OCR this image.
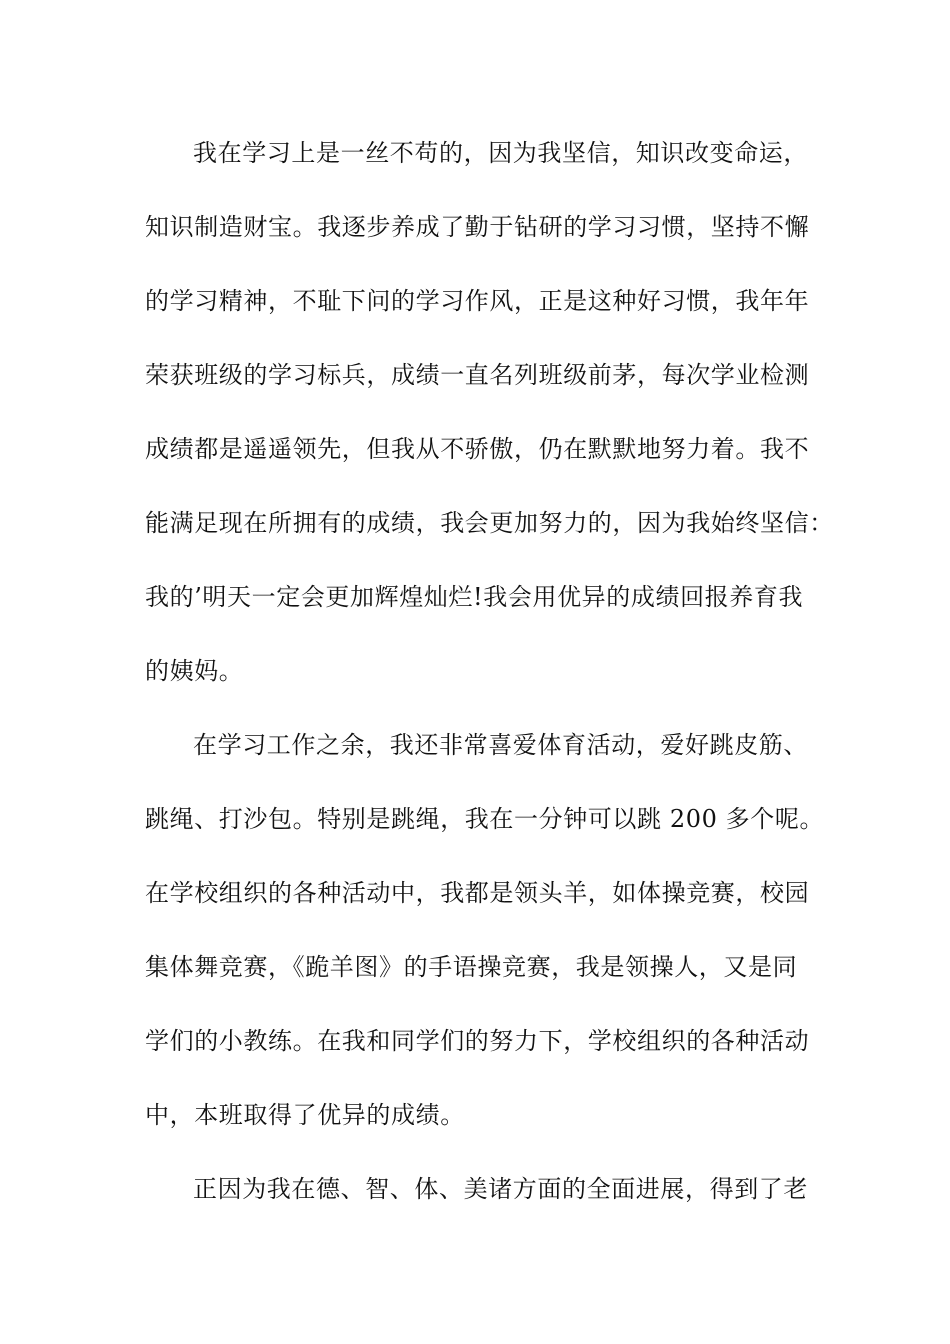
我在学习上是一丝不苟的，因为我坚信，知识改变命运，
知识制造财宝。我逐步养成了勤于钻研的学习习惯，坚持不懈
的学习精神，不耻下问的学习作风，正是这种好习惯，我年年
荣获班级的学习标兵，成绩一直名列班级前茅，每次学业检测
成绩都是遥遥领先，但我从不骄傲，仍在默默地努力着。我不
能满足现在所拥有的成绩，我会更加努力的，因为我始终坚信：
我的’明天一定会更加辉煌灿烂!我会用优异的成绩回报养育我
的姨妈。
在学习工作之余，我还非常喜爱体育活动，爱好跳皮筋、
跳绳、打沙包。特别是跳绳，我在一分钟可以跳 200 多个呢。
在学校组织的各种活动中，我都是领头羊，如体操竞赛，校园
集体舞竞赛，《跪羊图》的手语操竞赛，我是领操人，又是同
学们的小教练。在我和同学们的努力下，学校组织的各种活动
中，本班取得了优异的成绩。
正因为我在德、智、体、美诸方面的全面进展，得到了老
